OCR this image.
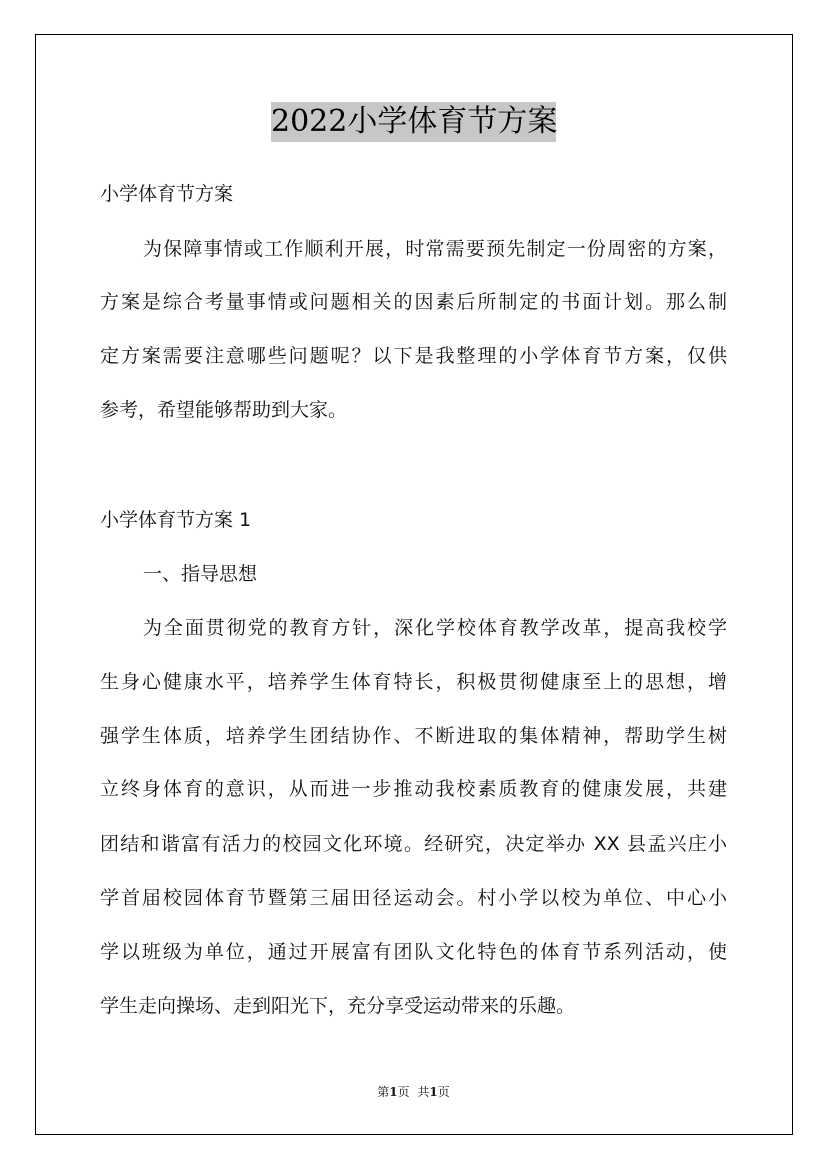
2022小学体育节方案
小学体育节方案
为保障事情或工作顺利开展，时常需要预先制定一份周密的方案，
方案是综合考量事情或问题相关的因素后所制定的书面计划。那么制
定方案需要注意哪些问题呢？以下是我整理的小学体育节方案，仅供
参考，希望能够帮助到大家。
小学体育节方案 1
一、指导思想
为全面贯彻党的教育方针，深化学校体育教学改革，提高我校学
生身心健康水平，培养学生体育特长，积极贯彻健康至上的思想，增
强学生体质，培养学生团结协作、不断进取的集体精神，帮助学生树
立终身体育的意识，从而进一步推动我校素质教育的健康发展，共建
团结和谐富有活力的校园文化环境。经研究，决定举办 XX 县孟兴庄小
学首届校园体育节暨第三届田径运动会。村小学以校为单位、中心小
学以班级为单位，通过开展富有团队文化特色的体育节系列活动，使
学生走向操场、走到阳光下，充分享受运动带来的乐趣。
第1页 共1页
